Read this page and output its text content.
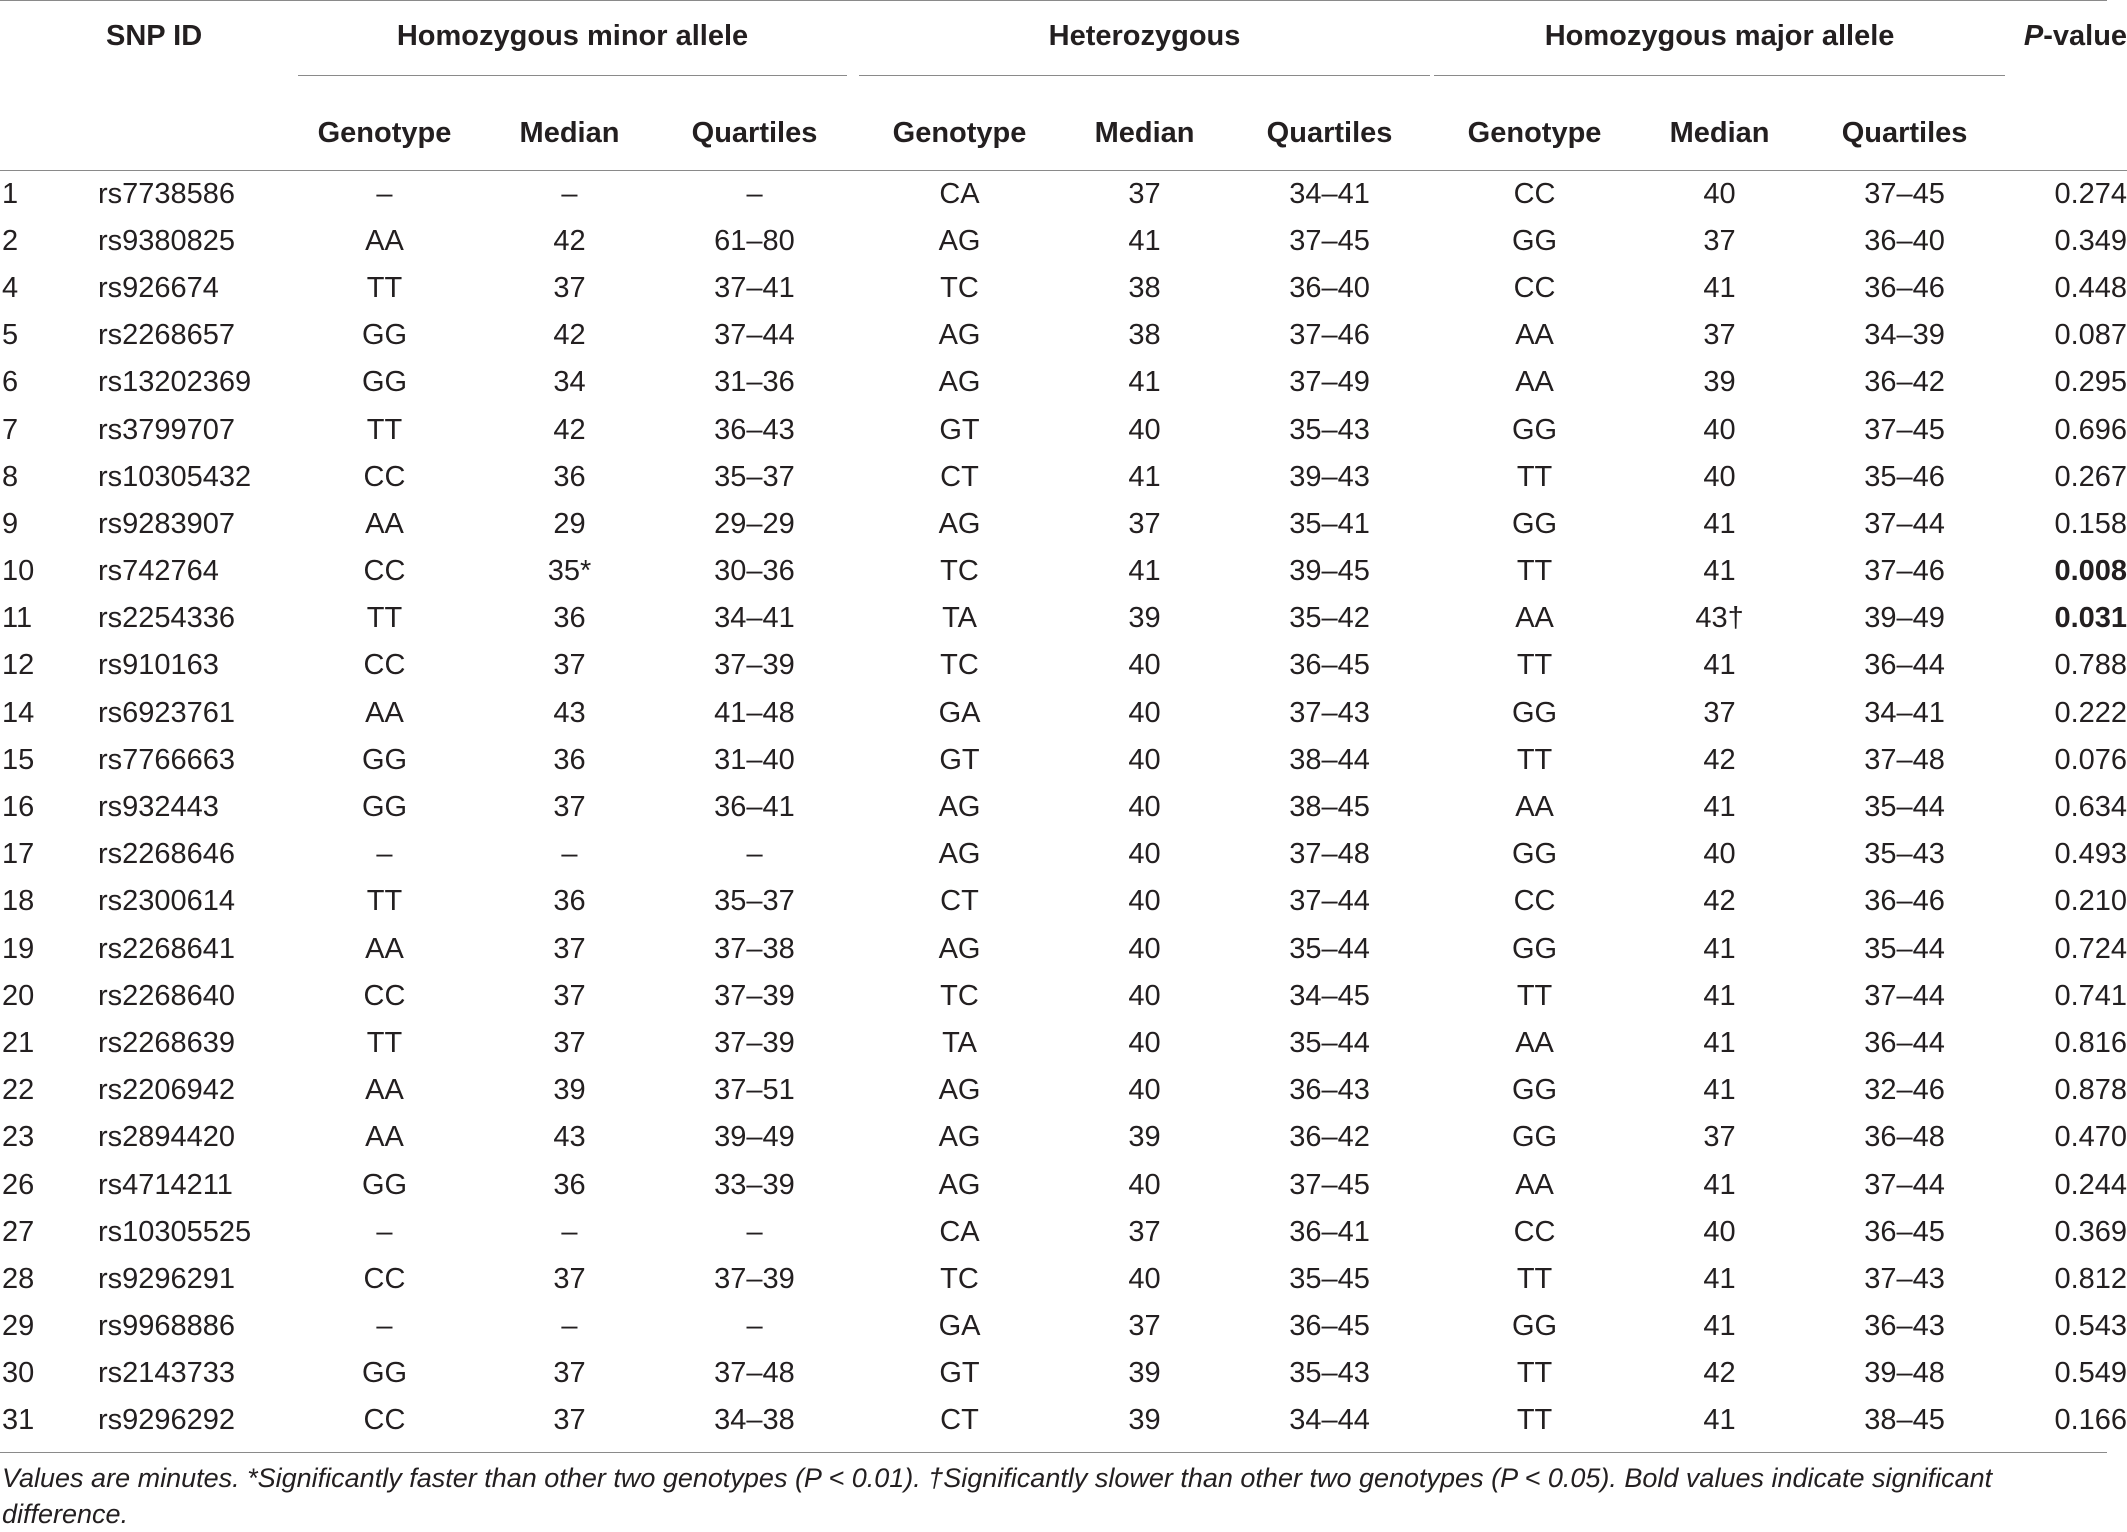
	SNP ID	Homozygous minor allele				Heterozygous				Homozygous major allele			P-value
		Genotype	Median	Quartiles		Genotype	Median	Quartiles		Genotype	Median	Quartiles	
1	rs7738586	–	–	–		CA	37	34–41		CC	40	37–45	0.274
2	rs9380825	AA	42	61–80		AG	41	37–45		GG	37	36–40	0.349
4	rs926674	TT	37	37–41		TC	38	36–40		CC	41	36–46	0.448
5	rs2268657	GG	42	37–44		AG	38	37–46		AA	37	34–39	0.087
6	rs13202369	GG	34	31–36		AG	41	37–49		AA	39	36–42	0.295
7	rs3799707	TT	42	36–43		GT	40	35–43		GG	40	37–45	0.696
8	rs10305432	CC	36	35–37		CT	41	39–43		TT	40	35–46	0.267
9	rs9283907	AA	29	29–29		AG	37	35–41		GG	41	37–44	0.158
10	rs742764	CC	35*	30–36		TC	41	39–45		TT	41	37–46	0.008
11	rs2254336	TT	36	34–41		TA	39	35–42		AA	43†	39–49	0.031
12	rs910163	CC	37	37–39		TC	40	36–45		TT	41	36–44	0.788
14	rs6923761	AA	43	41–48		GA	40	37–43		GG	37	34–41	0.222
15	rs7766663	GG	36	31–40		GT	40	38–44		TT	42	37–48	0.076
16	rs932443	GG	37	36–41		AG	40	38–45		AA	41	35–44	0.634
17	rs2268646	–	–	–		AG	40	37–48		GG	40	35–43	0.493
18	rs2300614	TT	36	35–37		CT	40	37–44		CC	42	36–46	0.210
19	rs2268641	AA	37	37–38		AG	40	35–44		GG	41	35–44	0.724
20	rs2268640	CC	37	37–39		TC	40	34–45		TT	41	37–44	0.741
21	rs2268639	TT	37	37–39		TA	40	35–44		AA	41	36–44	0.816
22	rs2206942	AA	39	37–51		AG	40	36–43		GG	41	32–46	0.878
23	rs2894420	AA	43	39–49		AG	39	36–42		GG	37	36–48	0.470
26	rs4714211	GG	36	33–39		AG	40	37–45		AA	41	37–44	0.244
27	rs10305525	–	–	–		CA	37	36–41		CC	40	36–45	0.369
28	rs9296291	CC	37	37–39		TC	40	35–45		TT	41	37–43	0.812
29	rs9968886	–	–	–		GA	37	36–45		GG	41	36–43	0.543
30	rs2143733	GG	37	37–48		GT	39	35–43		TT	42	39–48	0.549
31	rs9296292	CC	37	34–38		CT	39	34–44		TT	41	38–45	0.166
Values are minutes. *Significantly faster than other two genotypes (P < 0.01). †Significantly slower than other two genotypes (P < 0.05). Bold values indicate significant difference.
